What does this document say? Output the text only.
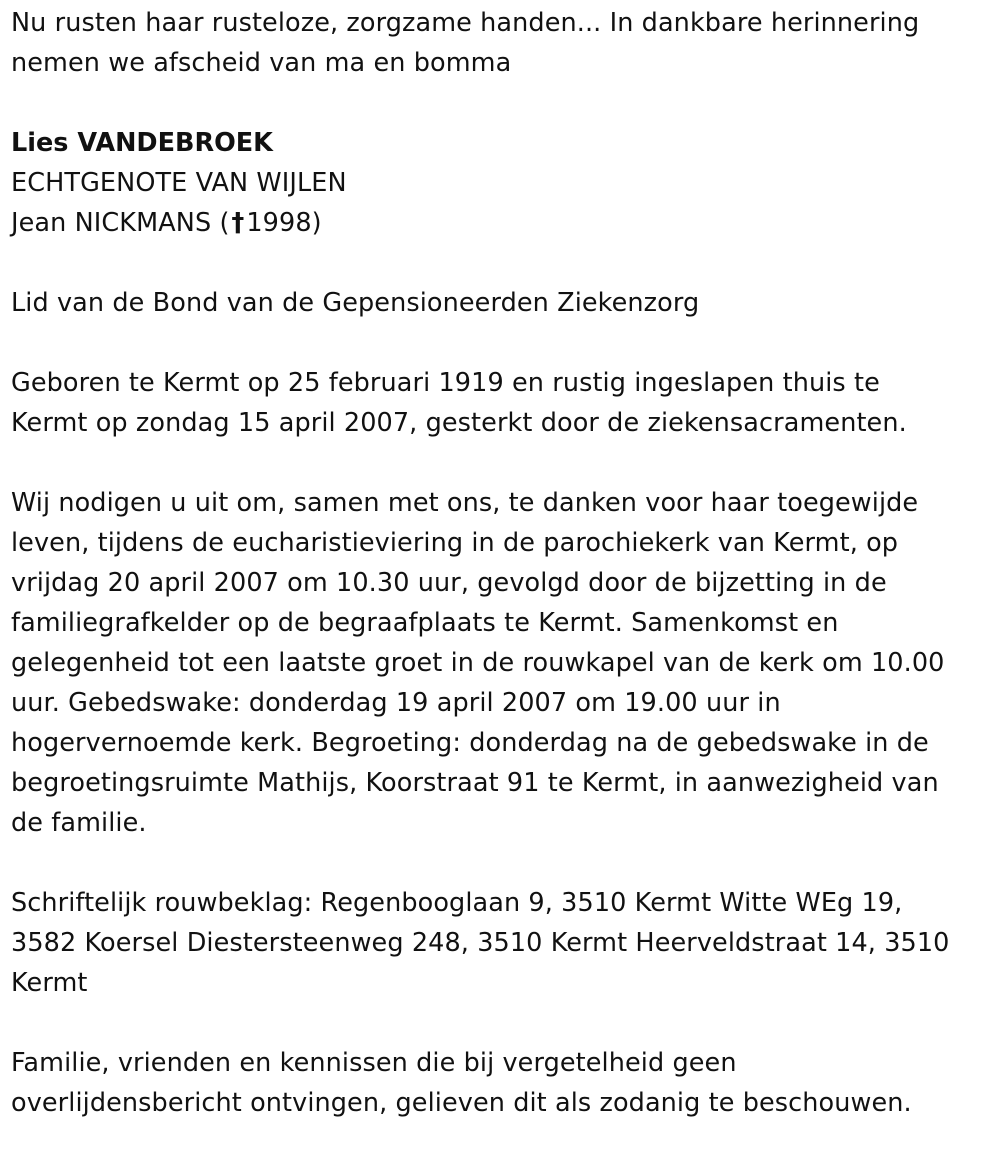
Nu rusten haar rusteloze, zorgzame handen... In dankbare herinnering
nemen we afscheid van ma en bomma
Lies VANDEBROEK
ECHTGENOTE VAN WIJLEN
Jean NICKMANS (†1998)
Lid van de Bond van de Gepensioneerden Ziekenzorg
Geboren te Kermt op 25 februari 1919 en rustig ingeslapen thuis te
Kermt op zondag 15 april 2007, gesterkt door de ziekensacramenten.
Wij nodigen u uit om, samen met ons, te danken voor haar toegewijde
leven, tijdens de eucharistieviering in de parochiekerk van Kermt, op
vrijdag 20 april 2007 om 10.30 uur, gevolgd door de bijzetting in de
familiegrafkelder op de begraafplaats te Kermt. Samenkomst en
gelegenheid tot een laatste groet in de rouwkapel van de kerk om 10.00
uur. Gebedswake: donderdag 19 april 2007 om 19.00 uur in
hogervernoemde kerk. Begroeting: donderdag na de gebedswake in de
begroetingsruimte Mathijs, Koorstraat 91 te Kermt, in aanwezigheid van
de familie.
Schriftelijk rouwbeklag: Regenbooglaan 9, 3510 Kermt Witte WEg 19,
3582 Koersel Diestersteenweg 248, 3510 Kermt Heerveldstraat 14, 3510
Kermt
Familie, vrienden en kennissen die bij vergetelheid geen
overlijdensbericht ontvingen, gelieven dit als zodanig te beschouwen.
